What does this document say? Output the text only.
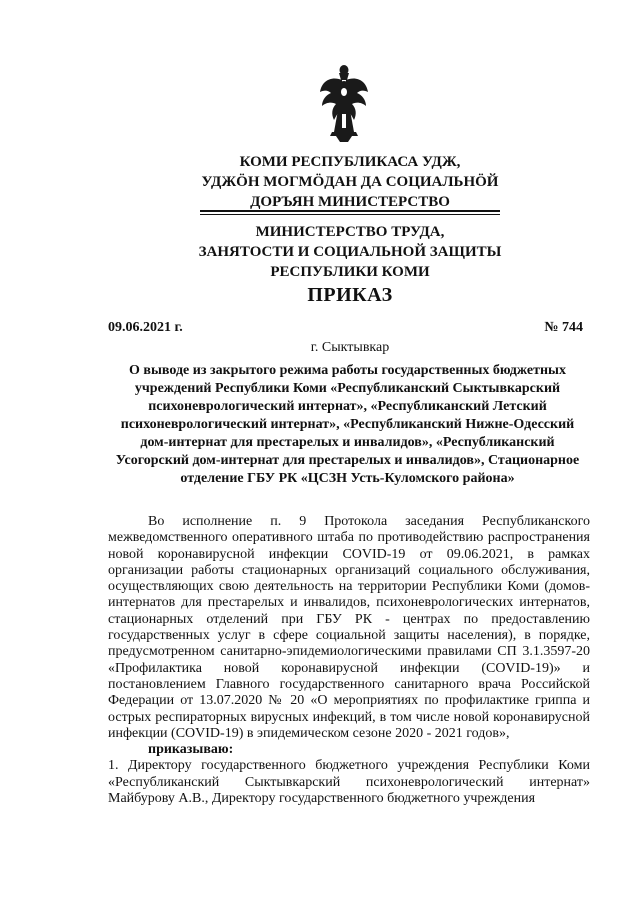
КОМИ РЕСПУБЛИКАСА УДЖ,
УДЖӦН МОГМӦДАН ДА СОЦИАЛЬНӦЙ
ДОРЪЯН МИНИСТЕРСТВО
МИНИСТЕРСТВО ТРУДА,
ЗАНЯТОСТИ И СОЦИАЛЬНОЙ ЗАЩИТЫ
РЕСПУБЛИКИ КОМИ
ПРИКАЗ
09.06.2021 г.	№ 744
г. Сыктывкар
О выводе из закрытого режима работы государственных бюджетных учреждений Республики Коми «Республиканский Сыктывкарский психоневрологический интернат», «Республиканский Летский психоневрологический интернат», «Республиканский Нижне-Одесский дом-интернат для престарелых и инвалидов», «Республиканский Усогорский дом-интернат для престарелых и инвалидов», Стационарное отделение ГБУ РК «ЦСЗН Усть-Куломского района»

Во исполнение п. 9 Протокола заседания Республиканского межведомственного оперативного штаба по противодействию распространения новой коронавирусной инфекции COVID-19 от 09.06.2021, в рамках организации работы стационарных организаций социального обслуживания, осуществляющих свою деятельность на территории Республики Коми (домов-интернатов для престарелых и инвалидов, психоневрологических интернатов, стационарных отделений при ГБУ РК - центрах по предоставлению государственных услуг в сфере социальной защиты населения), в порядке, предусмотренном санитарно-эпидемиологическими правилами СП 3.1.3597-20 «Профилактика новой коронавирусной инфекции (COVID-19)» и постановлением Главного государственного санитарного врача Российской Федерации от 13.07.2020 № 20 «О мероприятиях по профилактике гриппа и острых респираторных вирусных инфекций, в том числе новой коронавирусной инфекции (COVID-19) в эпидемическом сезоне 2020 - 2021 годов»,

приказываю:

1. Директору государственного бюджетного учреждения Республики Коми «Республиканский Сыктывкарский психоневрологический интернат» Майбурову А.В., Директору государственного бюджетного учреждения
